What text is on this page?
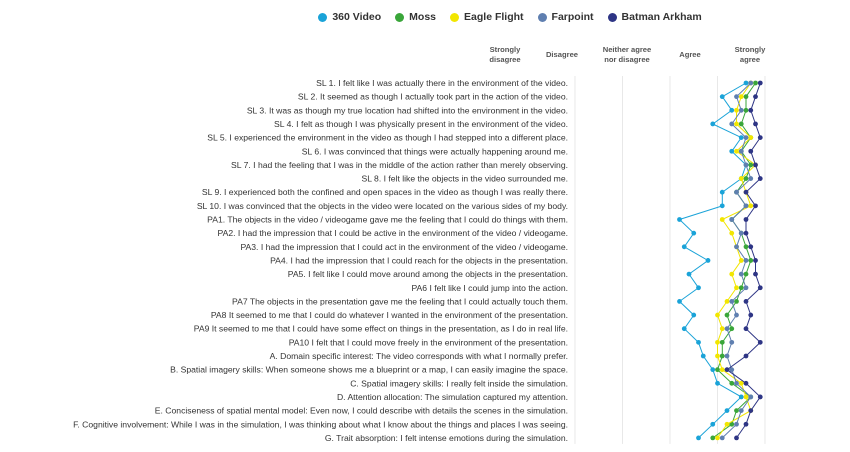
360 Video	Moss	Eagle Flight	Farpoint	Batman Arkham
Strongly disagree
Disagree
Neither agree nor disagree
Agree
Strongly agree
SL 1. I felt like I was actually there in the environment of the video.
SL 2. It seemed as though I actually took part in the action of the video.
SL 3. It was as though my true location had shifted into the environment in the video.
SL 4. I felt as though I was physically present in the environment of the video.
SL 5. I experienced the environment in the video as though I had stepped into a different place.
SL 6. I was convinced that things were actually happening around me.
SL 7. I had the feeling that I was in the middle of the action rather than merely observing.
SL 8. I felt like the objects in the video surrounded me.
SL 9. I experienced both the confined and open spaces in the video as though I was really there.
SL 10. I was convinced that the objects in the video were located on the various sides of my body.
PA1. The objects in the video / videogame gave me the feeling that I could do things with them.
PA2. I had the impression that I could be active in the environment of the video / videogame.
PA3. I had the impression that I could act in the environment of the video / videogame.
PA4. I had the impression that I could reach for the objects in the presentation.
PA5. I felt like I could move around among the objects in the presentation.
PA6 I felt like I could jump into the action.
PA7 The objects in the presentation gave me the feeling that I could actually touch them.
PA8 It seemed to me that I could do whatever I wanted in the environment of the presentation.
PA9 It seemed to me that I could have some effect on things in the presentation, as I do in real life.
PA10 I felt that I could move freely in the environment of the presentation.
A. Domain specific interest: The video corresponds with what I normally prefer.
B. Spatial imagery skills: When someone shows me a blueprint or a map, I can easily imagine the space.
C. Spatial imagery skills: I really felt inside the simulation.
D. Attention allocation: The simulation captured my attention.
E. Conciseness of spatial mental model: Even now, I could describe with details the scenes in the simulation.
F. Cognitive involvement: While I was in the simulation, I was thinking about what I know about the things and places I was seeing.
G. Trait absorption: I felt intense emotions during the simulation.
